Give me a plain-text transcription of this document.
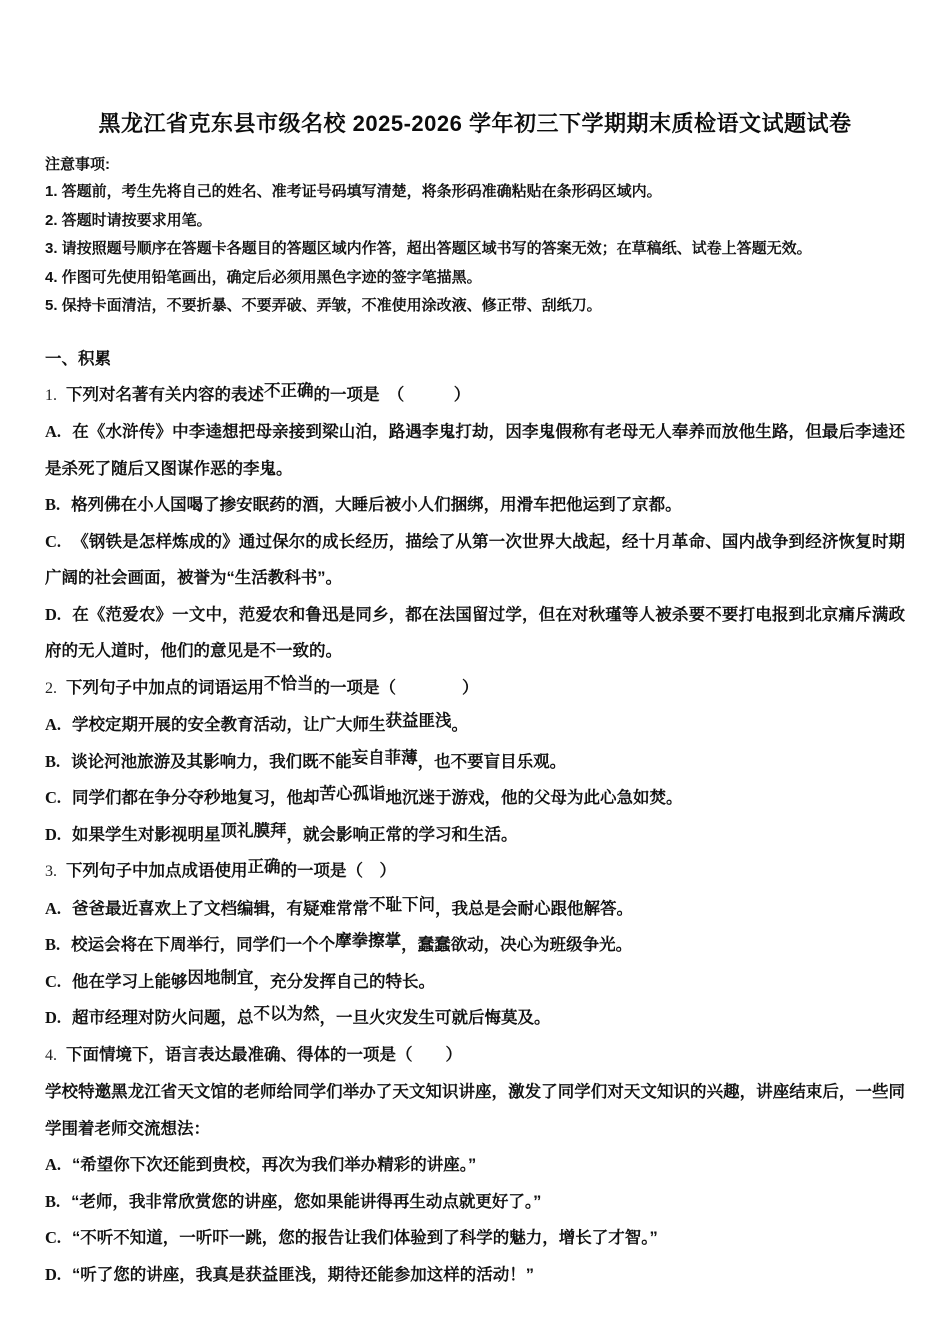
黑龙江省克东县市级名校 2025-2026 学年初三下学期期末质检语文试题试卷
注意事项:
1. 答题前，考生先将自己的姓名、准考证号码填写清楚，将条形码准确粘贴在条形码区域内。
2. 答题时请按要求用笔。
3. 请按照题号顺序在答题卡各题目的答题区域内作答，超出答题区域书写的答案无效；在草稿纸、试卷上答题无效。
4. 作图可先使用铅笔画出，确定后必须用黑色字迹的签字笔描黑。
5. 保持卡面清洁，不要折暴、不要弄破、弄皱，不准使用涂改液、修正带、刮纸刀。
一、积累
1. 下列对名著有关内容的表述不正确的一项是　（　　　）
A. 在《水浒传》中李逵想把母亲接到梁山泊，路遇李鬼打劫，因李鬼假称有老母无人奉养而放他生路，但最后李逵还是杀死了随后又图谋作恶的李鬼。
B. 格列佛在小人国喝了掺安眠药的酒，大睡后被小人们捆绑，用滑车把他运到了京都。
C. 《钢铁是怎样炼成的》通过保尔的成长经历，描绘了从第一次世界大战起，经十月革命、国内战争到经济恢复时期广阔的社会画面，被誉为“生活教科书”。
D. 在《范爱农》一文中，范爱农和鲁迅是同乡，都在法国留过学，但在对秋瑾等人被杀要不要打电报到北京痛斥满政府的无人道时，他们的意见是不一致的。
2. 下列句子中加点的词语运用不恰当的一项是（　　　　）
A. 学校定期开展的安全教育活动，让广大师生获益匪浅。
B. 谈论河池旅游及其影响力，我们既不能妄自菲薄，也不要盲目乐观。
C. 同学们都在争分夺秒地复习，他却苦心孤诣地沉迷于游戏，他的父母为此心急如焚。
D. 如果学生对影视明星顶礼膜拜，就会影响正常的学习和生活。
3. 下列句子中加点成语使用正确的一项是（　）
A. 爸爸最近喜欢上了文档编辑，有疑难常常不耻下问，我总是会耐心跟他解答。
B. 校运会将在下周举行，同学们一个个摩拳擦掌，蠢蠢欲动，决心为班级争光。
C. 他在学习上能够因地制宜，充分发挥自己的特长。
D. 超市经理对防火问题，总不以为然，一旦火灾发生可就后悔莫及。
4. 下面情境下，语言表达最准确、得体的一项是（　　）
学校特邀黑龙江省天文馆的老师给同学们举办了天文知识讲座，激发了同学们对天文知识的兴趣，讲座结束后，一些同学围着老师交流想法：
A. “希望你下次还能到贵校，再次为我们举办精彩的讲座。”
B. “老师，我非常欣赏您的讲座，您如果能讲得再生动点就更好了。”
C. “不听不知道，一听吓一跳，您的报告让我们体验到了科学的魅力，增长了才智。”
D. “听了您的讲座，我真是获益匪浅，期待还能参加这样的活动！”
